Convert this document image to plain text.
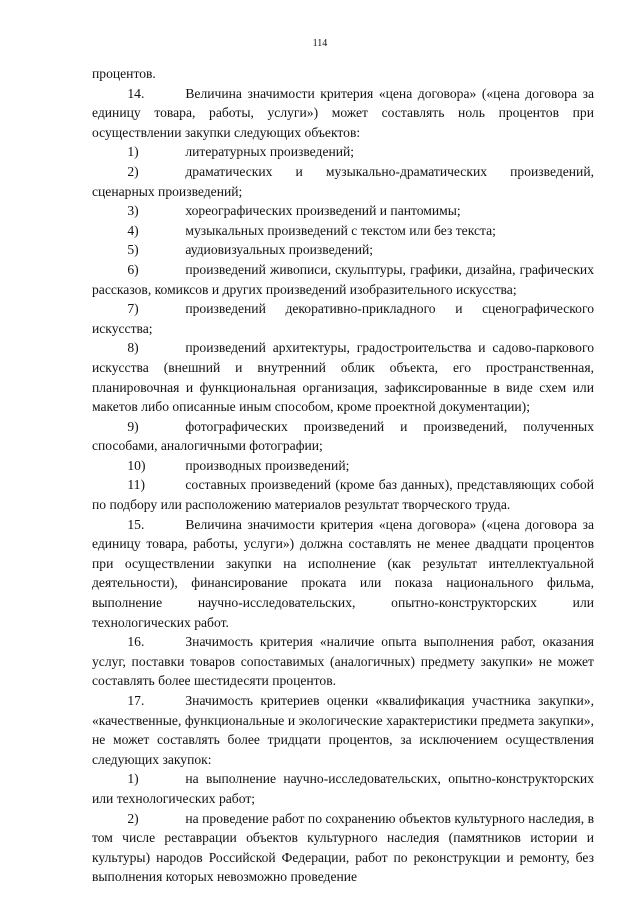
114

процентов.

14.	Величина значимости критерия «цена договора» («цена договора за единицу товара, работы, услуги») может составлять ноль процентов при осуществлении закупки следующих объектов:

1)	литературных произведений;

2)	драматических и музыкально-драматических произведений, сценарных произведений;

3)	хореографических произведений и пантомимы;

4)	музыкальных произведений с текстом или без текста;

5)	аудиовизуальных произведений;

6)	произведений живописи, скульптуры, графики, дизайна, графических рассказов, комиксов и других произведений изобразительного искусства;

7)	произведений декоративно-прикладного и сценографического искусства;

8)	произведений архитектуры, градостроительства и садово-паркового искусства (внешний и внутренний облик объекта, его пространственная, планировочная и функциональная организация, зафиксированные в виде схем или макетов либо описанные иным способом, кроме проектной документации);

9)	фотографических произведений и произведений, полученных способами, аналогичными фотографии;

10)	производных произведений;

11)	составных произведений (кроме баз данных), представляющих собой по подбору или расположению материалов результат творческого труда.

15.	Величина значимости критерия «цена договора» («цена договора за единицу товара, работы, услуги») должна составлять не менее двадцати процентов при осуществлении закупки на исполнение (как результат интеллектуальной деятельности), финансирование проката или показа национального фильма, выполнение научно-исследовательских, опытно-конструкторских или технологических работ.

16.	Значимость критерия «наличие опыта выполнения работ, оказания услуг, поставки товаров сопоставимых (аналогичных) предмету закупки» не может составлять более шестидесяти процентов.

17.	Значимость критериев оценки «квалификация участника закупки», «качественные, функциональные и экологические характеристики предмета закупки», не может составлять более тридцати процентов, за исключением осуществления следующих закупок:

1)	на выполнение научно-исследовательских, опытно-конструкторских или технологических работ;

2)	на проведение работ по сохранению объектов культурного наследия, в том числе реставрации объектов культурного наследия (памятников истории и культуры) народов Российской Федерации, работ по реконструкции и ремонту, без выполнения которых невозможно проведение
